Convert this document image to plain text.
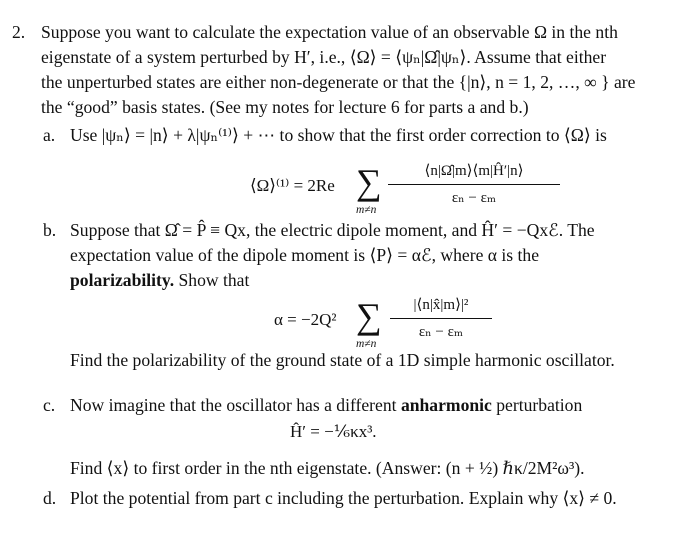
2. Suppose you want to calculate the expectation value of an observable Ω in the nth
eigenstate of a system perturbed by H′, i.e., ⟨Ω⟩ = ⟨ψₙ|Ω̂|ψₙ⟩. Assume that either
the unperturbed states are either non-degenerate or that the {|n⟩, n = 1, 2, …, ∞ } are
the “good” basis states. (See my notes for lecture 6 for parts a and b.)
a. Use |ψₙ⟩ = |n⟩ + λ|ψₙ⁽¹⁾⟩ + ⋯ to show that the first order correction to ⟨Ω⟩ is
⟨Ω⟩⁽¹⁾ = 2Re ∑
m≠n
⟨n|Ω̂|m⟩⟨m|Ĥ′|n⟩
εₙ − εₘ
b. Suppose that Ω̂ = P̂ ≡ Qx, the electric dipole moment, and Ĥ′ = −Qxℰ. The
expectation value of the dipole moment is ⟨P⟩ = αℰ, where α is the
polarizability. Show that
α = −2Q² ∑
m≠n
|⟨n|x̂|m⟩|²
εₙ − εₘ
Find the polarizability of the ground state of a 1D simple harmonic oscillator.
c. Now imagine that the oscillator has a different anharmonic perturbation
Ĥ′ = −⅙κx³.
Find ⟨x⟩ to first order in the nth eigenstate. (Answer: (n + ½) ℏκ/2M²ω³).
d. Plot the potential from part c including the perturbation. Explain why ⟨x⟩ ≠ 0.
